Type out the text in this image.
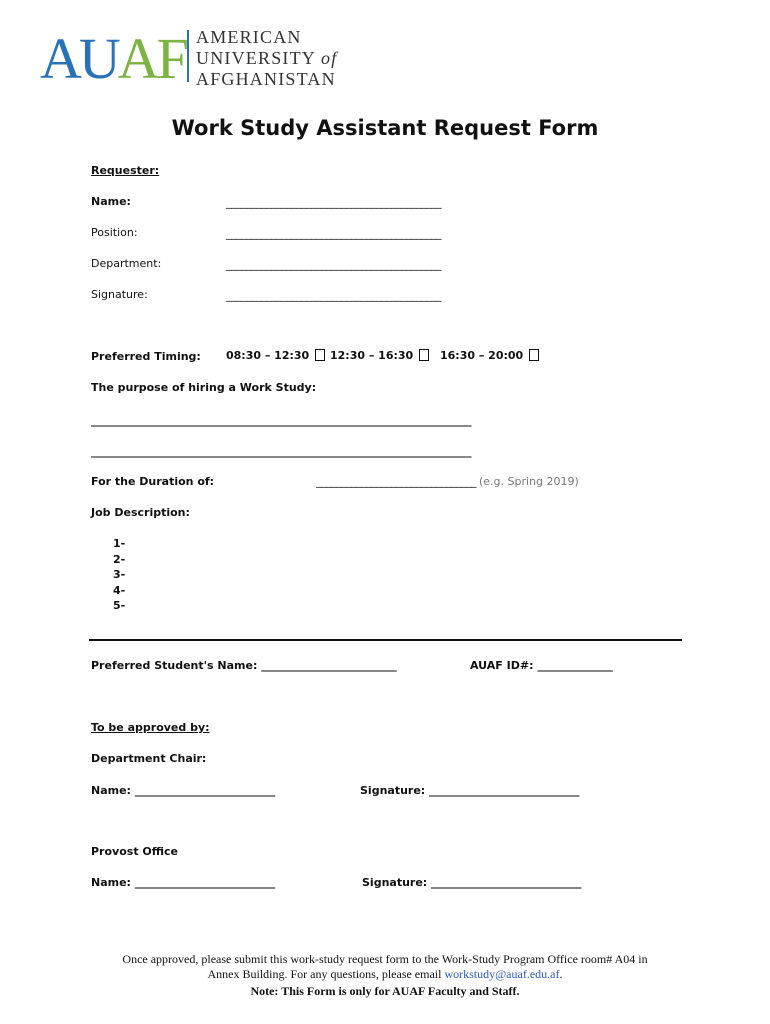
AUAF AMERICAN
UNIVERSITY of
AFGHANISTAN
Work Study Assistant Request Form
Requester:
Name:	___________________________________________
Position:	___________________________________________
Department:	___________________________________________
Signature:	___________________________________________
Preferred Timing: 08:30 – 12:30	12:30 – 16:30	16:30 – 20:00
The purpose of hiring a Work Study:
____________________________________________________________________________
____________________________________________________________________________
For the Duration of:	________________________________ (e.g. Spring 2019)
Job Description:
1-
2-
3-
4-
5-
Preferred Student's Name: ___________________________	AUAF ID#: _______________
To be approved by:
Department Chair:
Name: ____________________________	Signature: ______________________________
Provost Office
Name: ____________________________	Signature: ______________________________
Once approved, please submit this work-study request form to the Work-Study Program Office room# A04 in
Annex Building. For any questions, please email workstudy@auaf.edu.af.
Note: This Form is only for AUAF Faculty and Staff.
